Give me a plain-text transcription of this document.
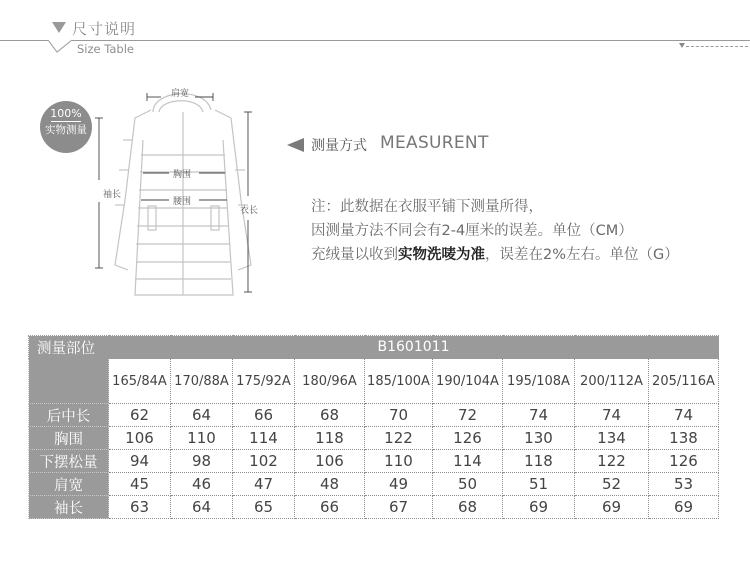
尺寸说明
Size Table
100%
实物测量
肩宽
胸围
腰围
袖长
衣长
测量方式 MEASURENT
注：此数据在衣服平铺下测量所得，
因测量方法不同会有2-4厘米的误差。单位（CM）
充绒量以收到实物洗唛为准，误差在2%左右。单位（G）
测量部位	B1601011								
	165/84A	170/88A	175/92A	180/96A	185/100A	190/104A	195/108A	200/112A	205/116A
后中长	62	64	66	68	70	72	74	74	74
胸围	106	110	114	118	122	126	130	134	138
下摆松量	94	98	102	106	110	114	118	122	126
肩宽	45	46	47	48	49	50	51	52	53
袖长	63	64	65	66	67	68	69	69	69
